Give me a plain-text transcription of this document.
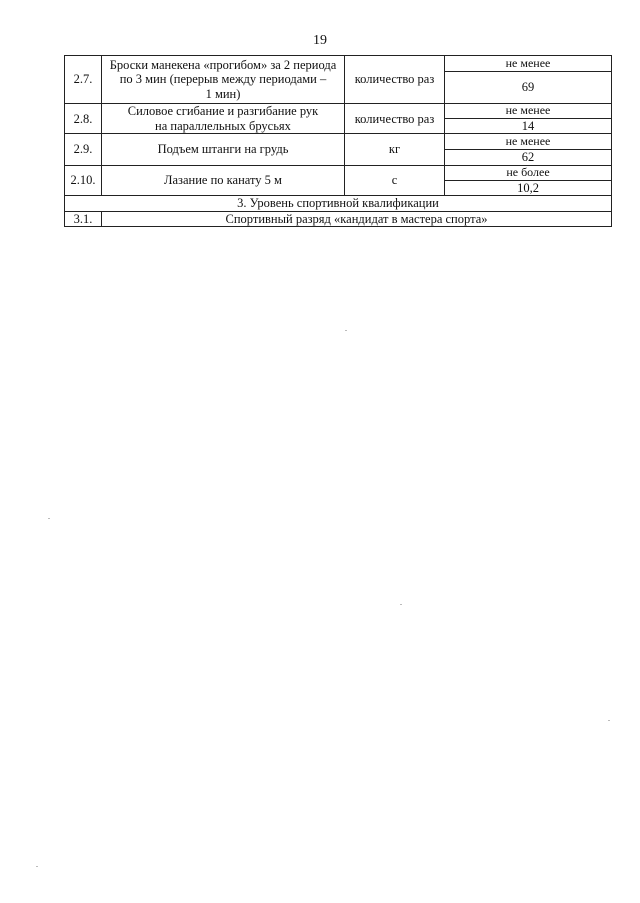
19
2.7.	Броски манекена «прогибом» за 2 периода
по 3 мин (перерыв между периодами –
1 мин)	количество раз	не менее
			69
2.8.	Силовое сгибание и разгибание рук
на параллельных брусьях	количество раз	не менее
			14
2.9.	Подъем штанги на грудь	кг	не менее
			62
2.10.	Лазание по канату 5 м	с	не более
			10,2
3. Уровень спортивной квалификации			
3.1.	Спортивный разряд «кандидат в мастера спорта»		
